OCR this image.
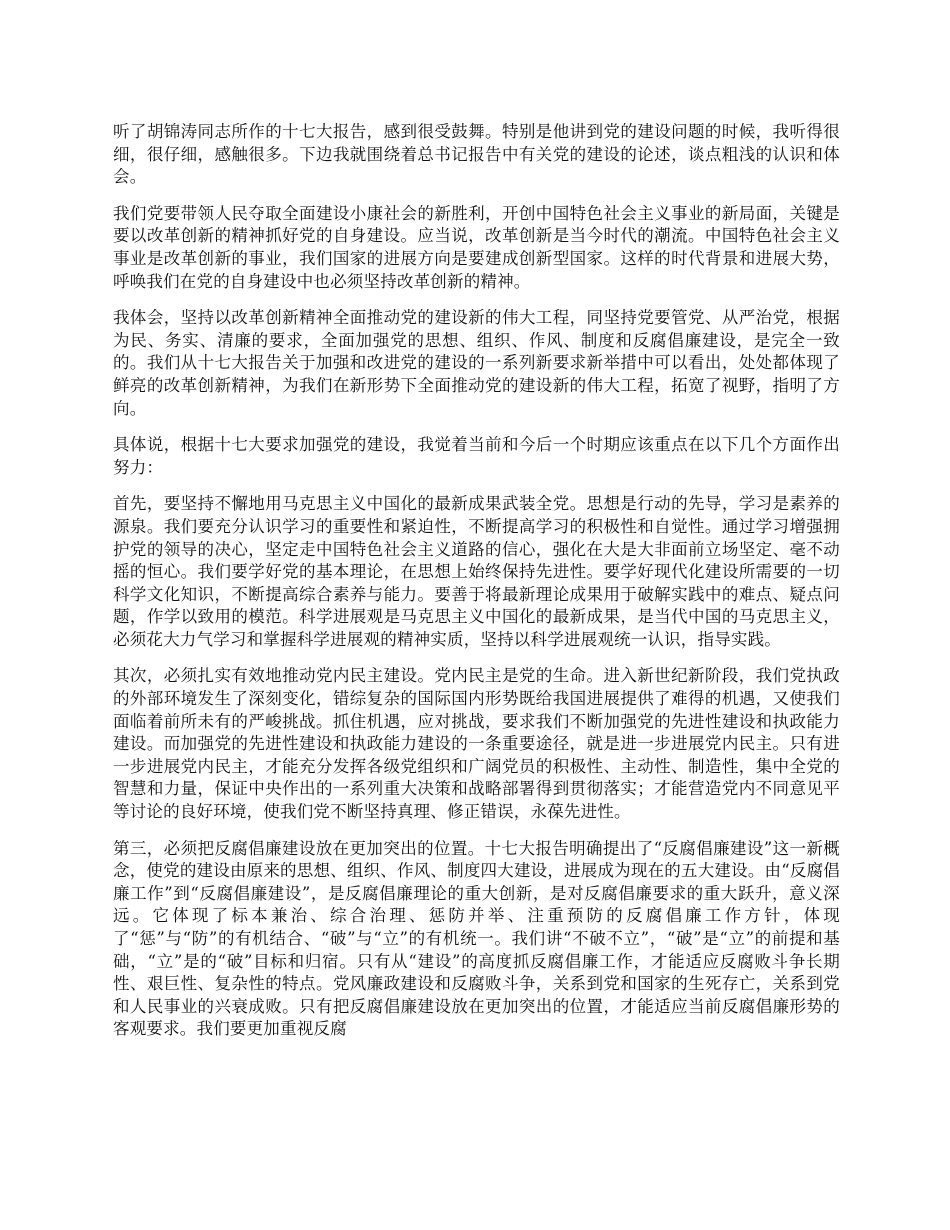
听了胡锦涛同志所作的十七大报告，感到很受鼓舞。特别是他讲到党的建设问题的时候，我听得很细，很仔细，感触很多。下边我就围绕着总书记报告中有关党的建设的论述，谈点粗浅的认识和体会。

我们党要带领人民夺取全面建设小康社会的新胜利，开创中国特色社会主义事业的新局面，关键是要以改革创新的精神抓好党的自身建设。应当说，改革创新是当今时代的潮流。中国特色社会主义事业是改革创新的事业，我们国家的进展方向是要建成创新型国家。这样的时代背景和进展大势，呼唤我们在党的自身建设中也必须坚持改革创新的精神。

我体会，坚持以改革创新精神全面推动党的建设新的伟大工程，同坚持党要管党、从严治党，根据为民、务实、清廉的要求，全面加强党的思想、组织、作风、制度和反腐倡廉建设，是完全一致的。我们从十七大报告关于加强和改进党的建设的一系列新要求新举措中可以看出，处处都体现了鲜亮的改革创新精神，为我们在新形势下全面推动党的建设新的伟大工程，拓宽了视野，指明了方向。

具体说，根据十七大要求加强党的建设，我觉着当前和今后一个时期应该重点在以下几个方面作出努力：

首先，要坚持不懈地用马克思主义中国化的最新成果武装全党。思想是行动的先导，学习是素养的源泉。我们要充分认识学习的重要性和紧迫性，不断提高学习的积极性和自觉性。通过学习增强拥护党的领导的决心，坚定走中国特色社会主义道路的信心，强化在大是大非面前立场坚定、毫不动摇的恒心。我们要学好党的基本理论，在思想上始终保持先进性。要学好现代化建设所需要的一切科学文化知识，不断提高综合素养与能力。要善于将最新理论成果用于破解实践中的难点、疑点问题，作学以致用的模范。科学进展观是马克思主义中国化的最新成果，是当代中国的马克思主义，必须花大力气学习和掌握科学进展观的精神实质，坚持以科学进展观统一认识，指导实践。

其次，必须扎实有效地推动党内民主建设。党内民主是党的生命。进入新世纪新阶段，我们党执政的外部环境发生了深刻变化，错综复杂的国际国内形势既给我国进展提供了难得的机遇，又使我们面临着前所未有的严峻挑战。抓住机遇，应对挑战，要求我们不断加强党的先进性建设和执政能力建设。而加强党的先进性建设和执政能力建设的一条重要途径，就是进一步进展党内民主。只有进一步进展党内民主，才能充分发挥各级党组织和广阔党员的积极性、主动性、制造性，集中全党的智慧和力量，保证中央作出的一系列重大决策和战略部署得到贯彻落实；才能营造党内不同意见平等讨论的良好环境，使我们党不断坚持真理、修正错误，永葆先进性。

第三，必须把反腐倡廉建设放在更加突出的位置。十七大报告明确提出了“反腐倡廉建设”这一新概念，使党的建设由原来的思想、组织、作风、制度四大建设，进展成为现在的五大建设。由“反腐倡廉工作”到“反腐倡廉建设”，是反腐倡廉理论的重大创新，是对反腐倡廉要求的重大跃升，意义深远。它体现了标本兼治、综合治理、惩防并举、注重预防的反腐倡廉工作方针，体现了“惩”与“防”的有机结合、“破”与“立”的有机统一。我们讲“不破不立”，“破”是“立”的前提和基础，“立”是的“破”目标和归宿。只有从“建设”的高度抓反腐倡廉工作，才能适应反腐败斗争长期性、艰巨性、复杂性的特点。党风廉政建设和反腐败斗争，关系到党和国家的生死存亡，关系到党和人民事业的兴衰成败。只有把反腐倡廉建设放在更加突出的位置，才能适应当前反腐倡廉形势的客观要求。我们要更加重视反腐
